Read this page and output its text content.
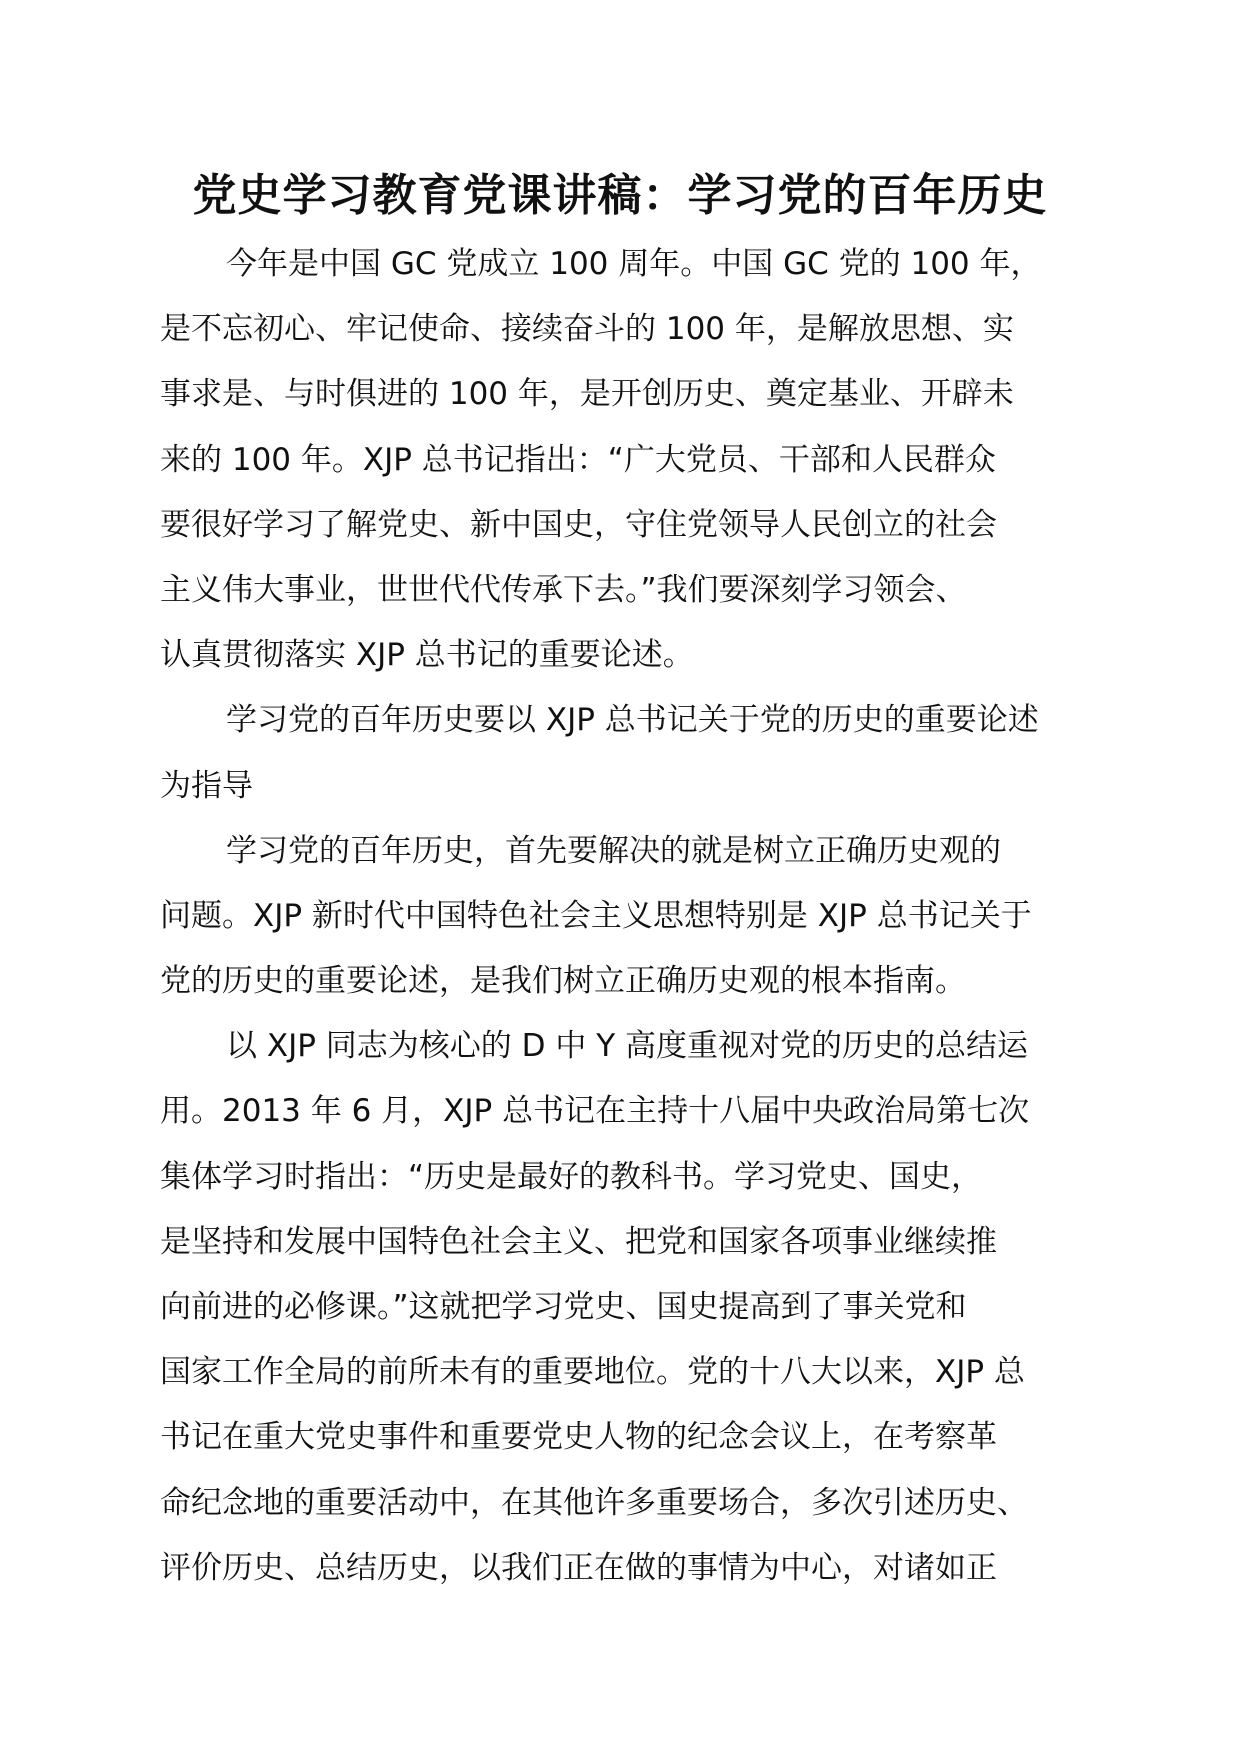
党史学习教育党课讲稿：学习党的百年历史

今年是中国 GC 党成立 100 周年。中国 GC 党的 100 年，
是不忘初心、牢记使命、接续奋斗的 100 年，是解放思想、实
事求是、与时俱进的 100 年，是开创历史、奠定基业、开辟未
来的 100 年。XJP 总书记指出：“广大党员、干部和人民群众
要很好学习了解党史、新中国史，守住党领导人民创立的社会
主义伟大事业，世世代代传承下去。”我们要深刻学习领会、
认真贯彻落实 XJP 总书记的重要论述。

学习党的百年历史要以 XJP 总书记关于党的历史的重要论述
为指导

学习党的百年历史，首先要解决的就是树立正确历史观的
问题。XJP 新时代中国特色社会主义思想特别是 XJP 总书记关于
党的历史的重要论述，是我们树立正确历史观的根本指南。

以 XJP 同志为核心的 D 中 Y 高度重视对党的历史的总结运
用。2013 年 6 月，XJP 总书记在主持十八届中央政治局第七次
集体学习时指出：“历史是最好的教科书。学习党史、国史，
是坚持和发展中国特色社会主义、把党和国家各项事业继续推
向前进的必修课。”这就把学习党史、国史提高到了事关党和
国家工作全局的前所未有的重要地位。党的十八大以来，XJP 总
书记在重大党史事件和重要党史人物的纪念会议上，在考察革
命纪念地的重要活动中，在其他许多重要场合，多次引述历史、
评价历史、总结历史，以我们正在做的事情为中心，对诸如正
